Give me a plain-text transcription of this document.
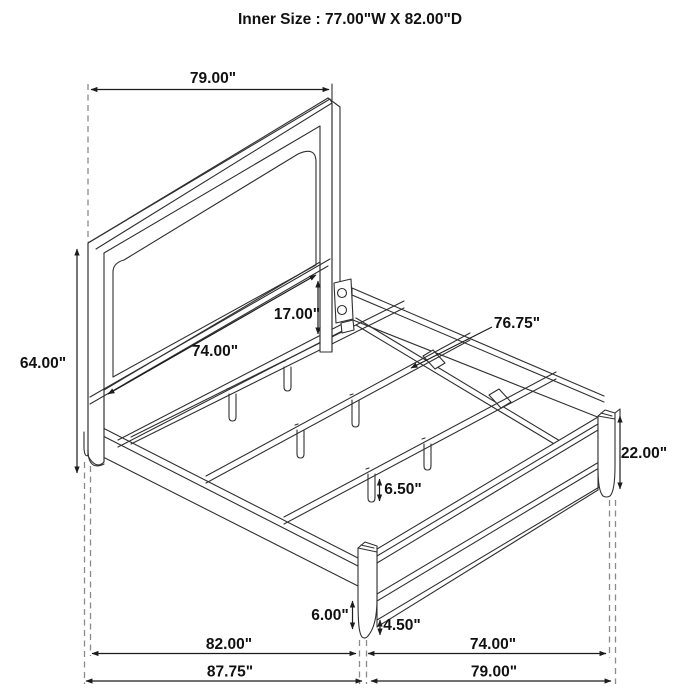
Inner Size : 77.00"W X 82.00"D
79.00"
64.00"
17.00"
74.00"
76.75"
22.00"
6.50"
6.00"
4.50"
82.00"	74.00"
87.75"	79.00"
